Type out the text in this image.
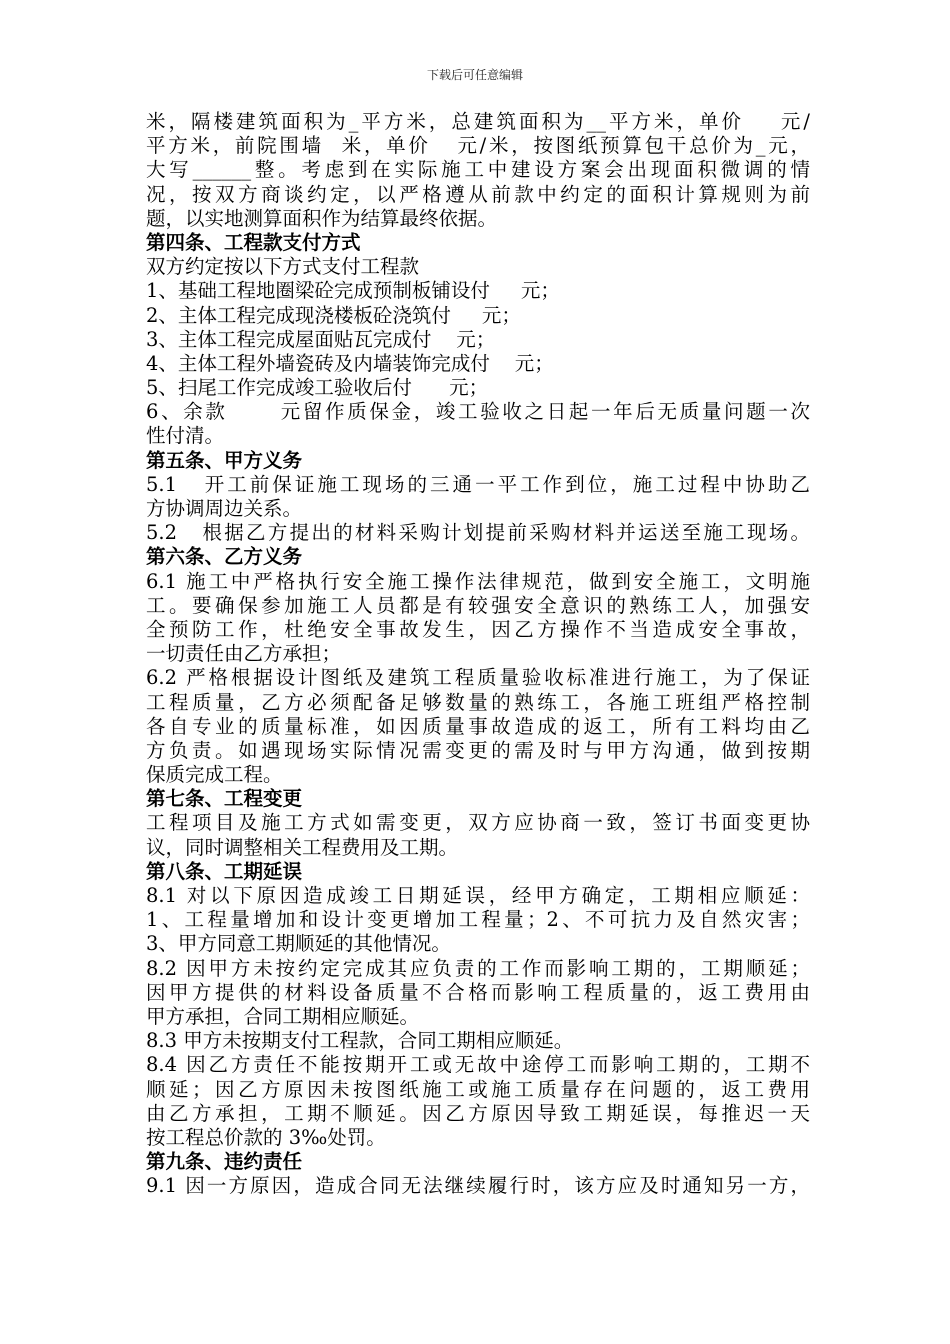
下载后可任意编辑
米，隔楼建筑面积为_平方米，总建筑面积为__平方米，单价    元/
平方米，前院围墙  米，单价   元/米，按图纸预算包干总价为_元，
大写______整。考虑到在实际施工中建设方案会出现面积微调的情
况，按双方商谈约定，以严格遵从前款中约定的面积计算规则为前
题，以实地测算面积作为结算最终依据。
第四条、工程款支付方式
双方约定按以下方式支付工程款
1、基础工程地圈梁砼完成预制板铺设付     元；
2、主体工程完成现浇楼板砼浇筑付     元；
3、主体工程完成屋面贴瓦完成付    元；
4、主体工程外墙瓷砖及内墙装饰完成付    元；
5、扫尾工作完成竣工验收后付      元；
6、余款      元留作质保金，竣工验收之日起一年后无质量问题一次
性付清。
第五条、甲方义务
5.1   开工前保证施工现场的三通一平工作到位，施工过程中协助乙
方协调周边关系。
5.2   根据乙方提出的材料采购计划提前采购材料并运送至施工现场。
第六条、乙方义务
6.1 施工中严格执行安全施工操作法律规范，做到安全施工，文明施
工。要确保参加施工人员都是有较强安全意识的熟练工人，加强安
全预防工作，杜绝安全事故发生，因乙方操作不当造成安全事故，
一切责任由乙方承担；
6.2 严格根据设计图纸及建筑工程质量验收标准进行施工，为了保证
工程质量，乙方必须配备足够数量的熟练工，各施工班组严格控制
各自专业的质量标准，如因质量事故造成的返工，所有工料均由乙
方负责。如遇现场实际情况需变更的需及时与甲方沟通，做到按期
保质完成工程。
第七条、工程变更
工程项目及施工方式如需变更，双方应协商一致，签订书面变更协
议，同时调整相关工程费用及工期。
第八条、工期延误
8.1 对以下原因造成竣工日期延误，经甲方确定，工期相应顺延：
1、工程量增加和设计变更增加工程量；2、不可抗力及自然灾害；
3、甲方同意工期顺延的其他情况。
8.2 因甲方未按约定完成其应负责的工作而影响工期的，工期顺延；
因甲方提供的材料设备质量不合格而影响工程质量的，返工费用由
甲方承担，合同工期相应顺延。
8.3 甲方未按期支付工程款，合同工期相应顺延。
8.4 因乙方责任不能按期开工或无故中途停工而影响工期的，工期不
顺延；因乙方原因未按图纸施工或施工质量存在问题的，返工费用
由乙方承担，工期不顺延。因乙方原因导致工期延误，每推迟一天
按工程总价款的 3‰处罚。
第九条、违约责任
9.1 因一方原因，造成合同无法继续履行时，该方应及时通知另一方，
